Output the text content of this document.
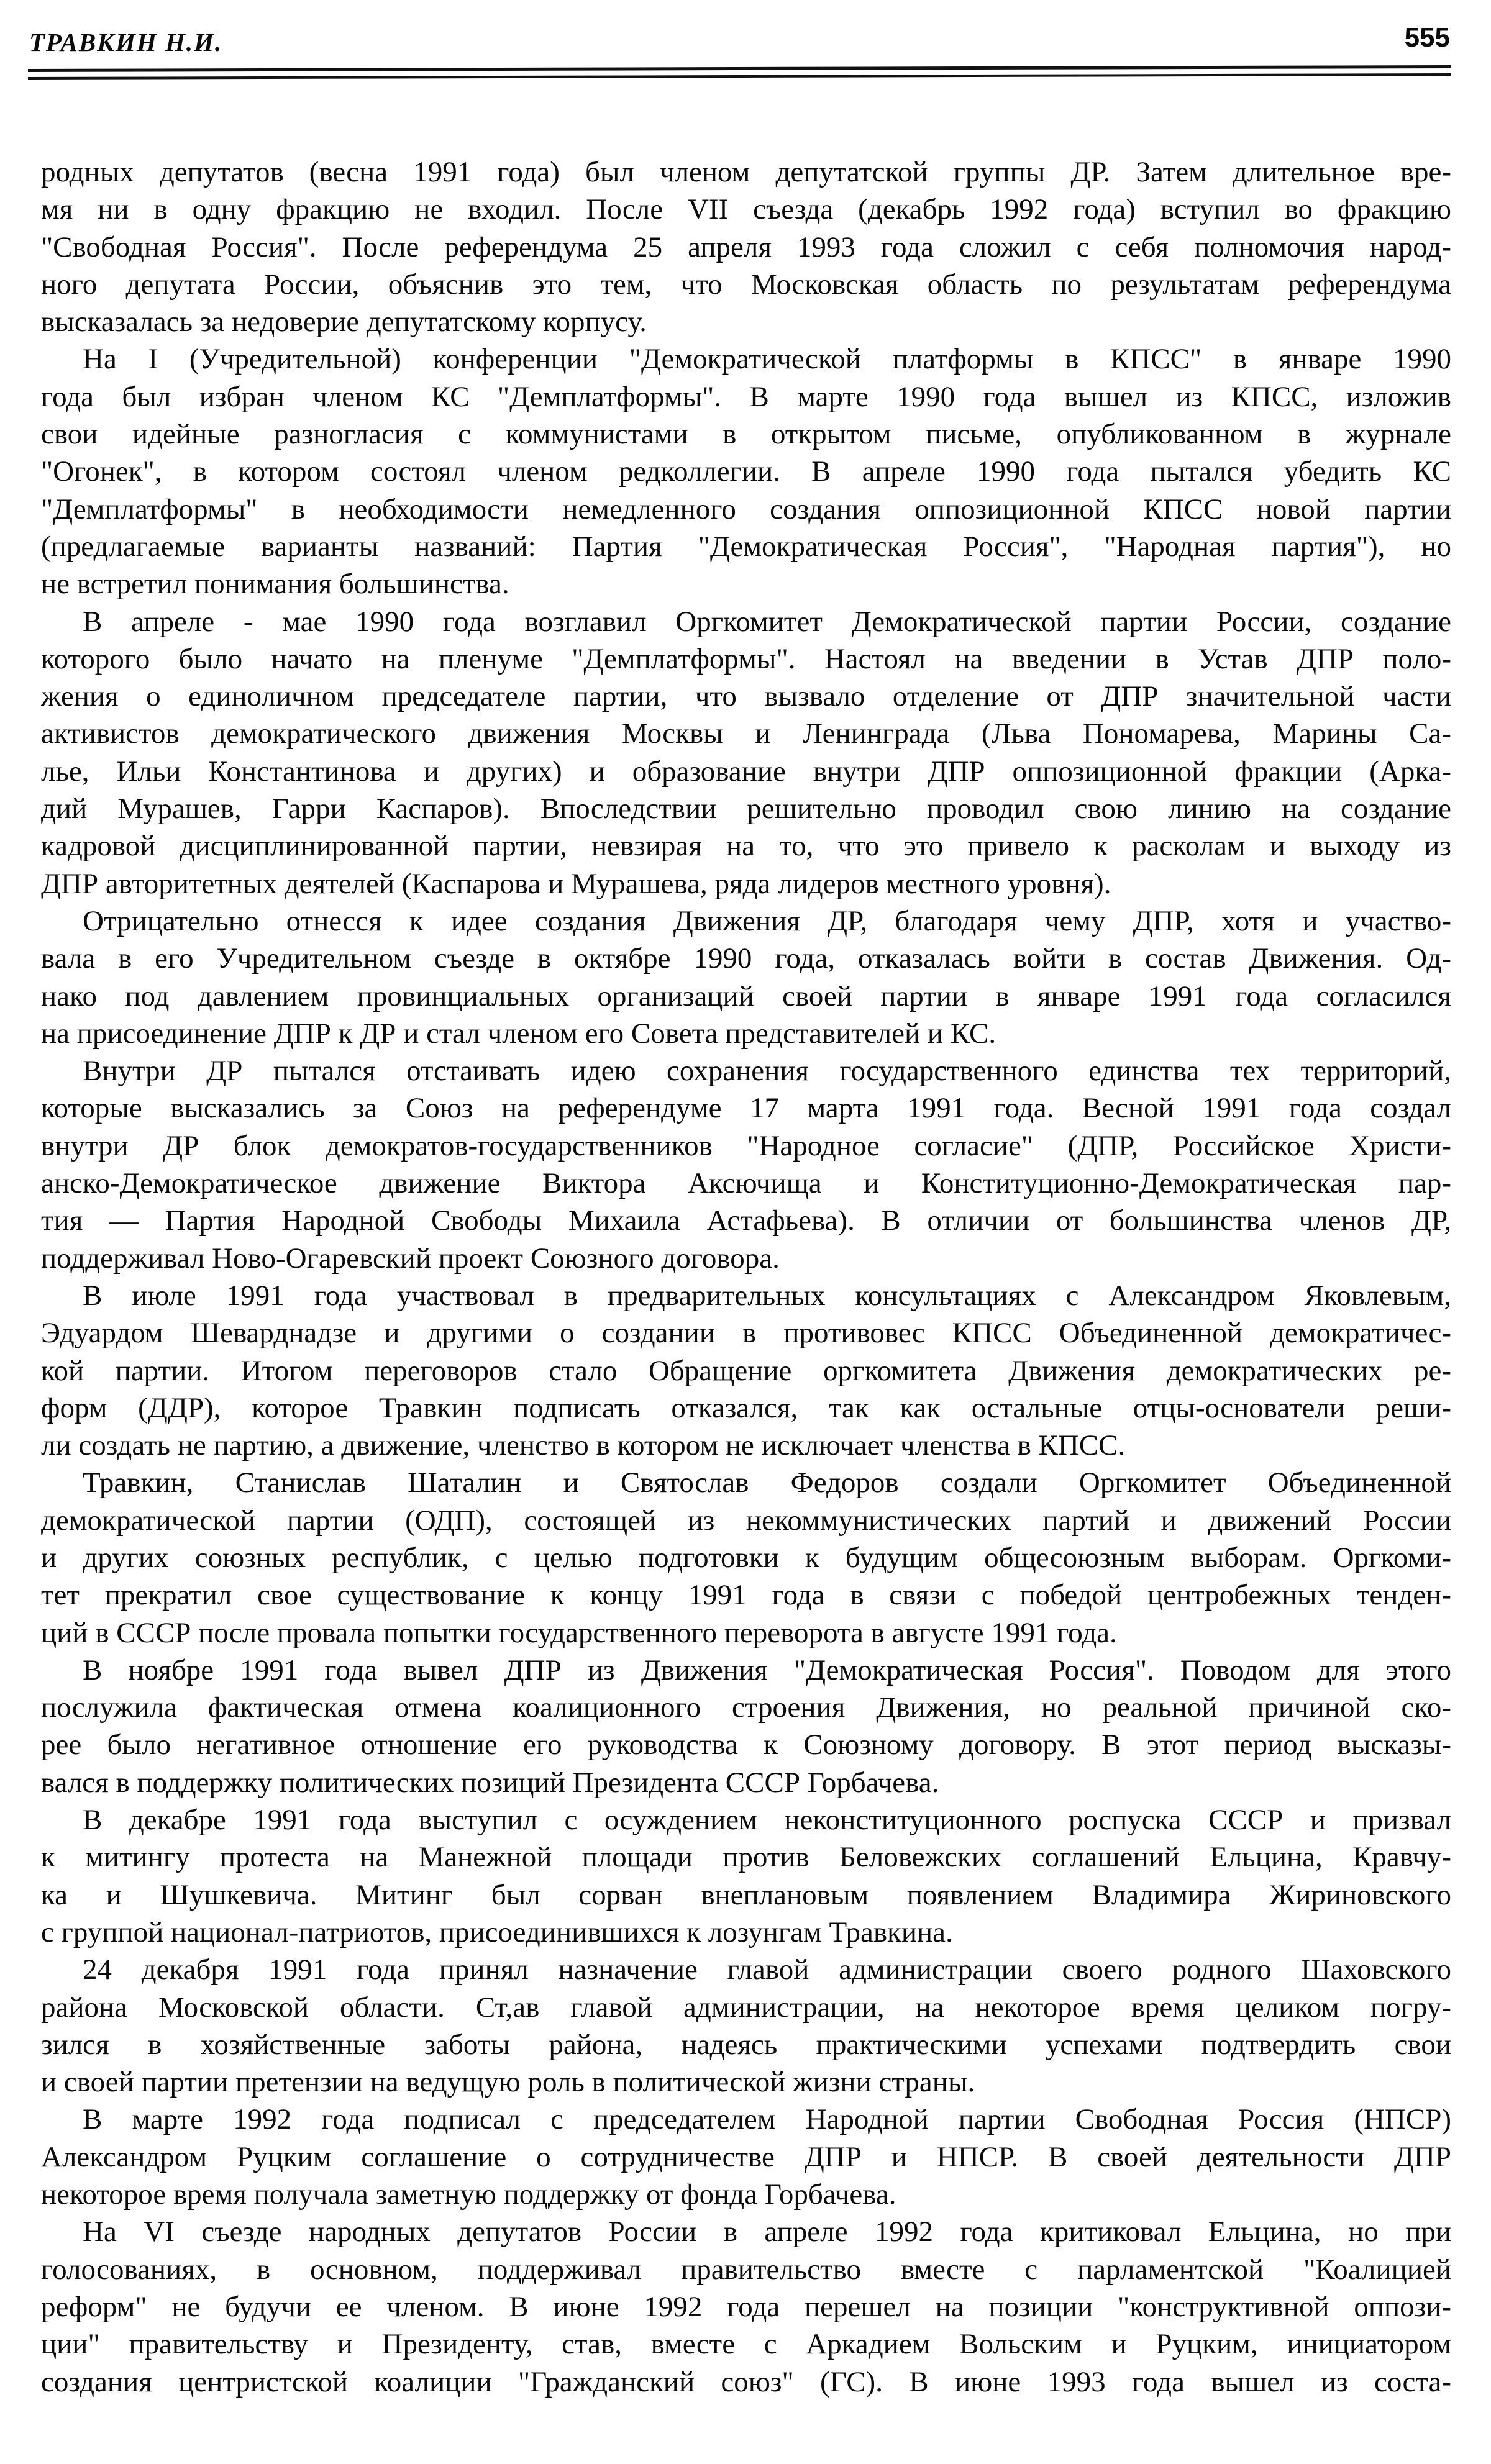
ТРАВКИН Н.И.	555
родных депутатов (весна 1991 года) был членом депутатской группы ДР. Затем длительное вре-
мя ни в одну фракцию не входил. После VII съезда (декабрь 1992 года) вступил во фракцию
"Свободная Россия". После референдума 25 апреля 1993 года сложил с себя полномочия народ-
ного депутата России, объяснив это тем, что Московская область по результатам референдума
высказалась за недоверие депутатскому корпусу.
На I (Учредительной) конференции "Демократической платформы в КПСС" в январе 1990
года был избран членом КС "Демплатформы". В марте 1990 года вышел из КПСС, изложив
свои идейные разногласия с коммунистами в открытом письме, опубликованном в журнале
"Огонек", в котором состоял членом редколлегии. В апреле 1990 года пытался убедить КС
"Демплатформы" в необходимости немедленного создания оппозиционной КПСС новой партии
(предлагаемые варианты названий: Партия "Демократическая Россия", "Народная партия"), но
не встретил понимания большинства.
В апреле - мае 1990 года возглавил Оргкомитет Демократической партии России, создание
которого было начато на пленуме "Демплатформы". Настоял на введении в Устав ДПР поло-
жения о единоличном председателе партии, что вызвало отделение от ДПР значительной части
активистов демократического движения Москвы и Ленинграда (Льва Пономарева, Марины Са-
лье, Ильи Константинова и других) и образование внутри ДПР оппозиционной фракции (Арка-
дий Мурашев, Гарри Каспаров). Впоследствии решительно проводил свою линию на создание
кадровой дисциплинированной партии, невзирая на то, что это привело к расколам и выходу из
ДПР авторитетных деятелей (Каспарова и Мурашева, ряда лидеров местного уровня).
Отрицательно отнесся к идее создания Движения ДР, благодаря чему ДПР, хотя и участво-
вала в его Учредительном съезде в октябре 1990 года, отказалась войти в состав Движения. Од-
нако под давлением провинциальных организаций своей партии в январе 1991 года согласился
на присоединение ДПР к ДР и стал членом его Совета представителей и КС.
Внутри ДР пытался отстаивать идею сохранения государственного единства тех территорий,
которые высказались за Союз на референдуме 17 марта 1991 года. Весной 1991 года создал
внутри ДР блок демократов-государственников "Народное согласие" (ДПР, Российское Христи-
анско-Демократическое движение Виктора Аксючища и Конституционно-Демократическая пар-
тия — Партия Народной Свободы Михаила Астафьева). В отличии от большинства членов ДР,
поддерживал Ново-Огаревский проект Союзного договора.
В июле 1991 года участвовал в предварительных консультациях с Александром Яковлевым,
Эдуардом Шеварднадзе и другими о создании в противовес КПСС Объединенной демократичес-
кой партии. Итогом переговоров стало Обращение оргкомитета Движения демократических ре-
форм (ДДР), которое Травкин подписать отказался, так как остальные отцы-основатели реши-
ли создать не партию, а движение, членство в котором не исключает членства в КПСС.
Травкин, Станислав Шаталин и Святослав Федоров создали Оргкомитет Объединенной
демократической партии (ОДП), состоящей из некоммунистических партий и движений России
и других союзных республик, с целью подготовки к будущим общесоюзным выборам. Оргкоми-
тет прекратил свое существование к концу 1991 года в связи с победой центробежных тенден-
ций в СССР после провала попытки государственного переворота в августе 1991 года.
В ноябре 1991 года вывел ДПР из Движения "Демократическая Россия". Поводом для этого
послужила фактическая отмена коалиционного строения Движения, но реальной причиной ско-
рее было негативное отношение его руководства к Союзному договору. В этот период высказы-
вался в поддержку политических позиций Президента СССР Горбачева.
В декабре 1991 года выступил с осуждением неконституционного роспуска СССР и призвал
к митингу протеста на Манежной площади против Беловежских соглашений Ельцина, Кравчу-
ка и Шушкевича. Митинг был сорван внеплановым появлением Владимира Жириновского
с группой национал-патриотов, присоединившихся к лозунгам Травкина.
24 декабря 1991 года принял назначение главой администрации своего родного Шаховского
района Московской области. Ст,ав главой администрации, на некоторое время целиком погру-
зился в хозяйственные заботы района, надеясь практическими успехами подтвердить свои
и своей партии претензии на ведущую роль в политической жизни страны.
В марте 1992 года подписал с председателем Народной партии Свободная Россия (НПСР)
Александром Руцким соглашение о сотрудничестве ДПР и НПСР. В своей деятельности ДПР
некоторое время получала заметную поддержку от фонда Горбачева.
На VI съезде народных депутатов России в апреле 1992 года критиковал Ельцина, но при
голосованиях, в основном, поддерживал правительство вместе с парламентской "Коалицией
реформ" не будучи ее членом. В июне 1992 года перешел на позиции "конструктивной оппози-
ции" правительству и Президенту, став, вместе с Аркадием Вольским и Руцким, инициатором
создания центристской коалиции "Гражданский союз" (ГС). В июне 1993 года вышел из соста-
